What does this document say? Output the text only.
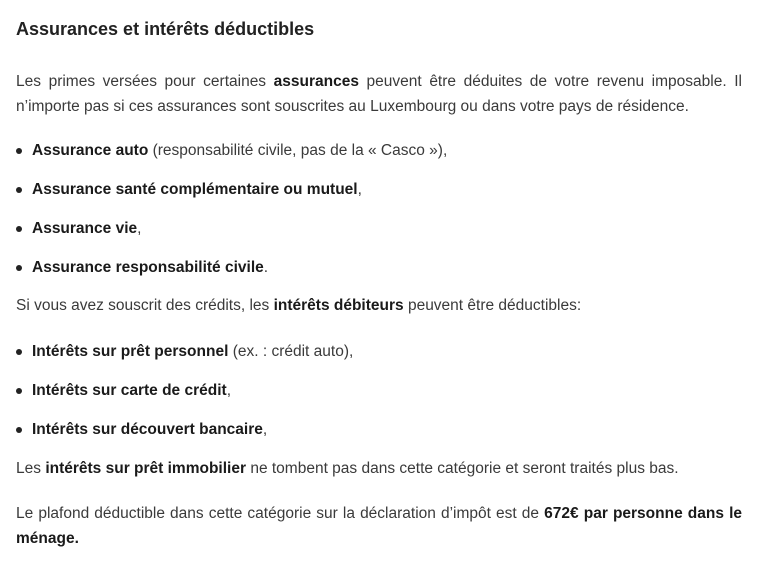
Assurances et intérêts déductibles

Les primes versées pour certaines assurances peuvent être déduites de votre revenu imposable. Il n’importe pas si ces assurances sont souscrites au Luxembourg ou dans votre pays de résidence.

Assurance auto (responsabilité civile, pas de la « Casco »),
Assurance santé complémentaire ou mutuel,
Assurance vie,
Assurance responsabilité civile.

Si vous avez souscrit des crédits, les intérêts débiteurs peuvent être déductibles:

Intérêts sur prêt personnel (ex. : crédit auto),
Intérêts sur carte de crédit,
Intérêts sur découvert bancaire,

Les intérêts sur prêt immobilier ne tombent pas dans cette catégorie et seront traités plus bas.

Le plafond déductible dans cette catégorie sur la déclaration d’impôt est de 672€ par personne dans le ménage.
